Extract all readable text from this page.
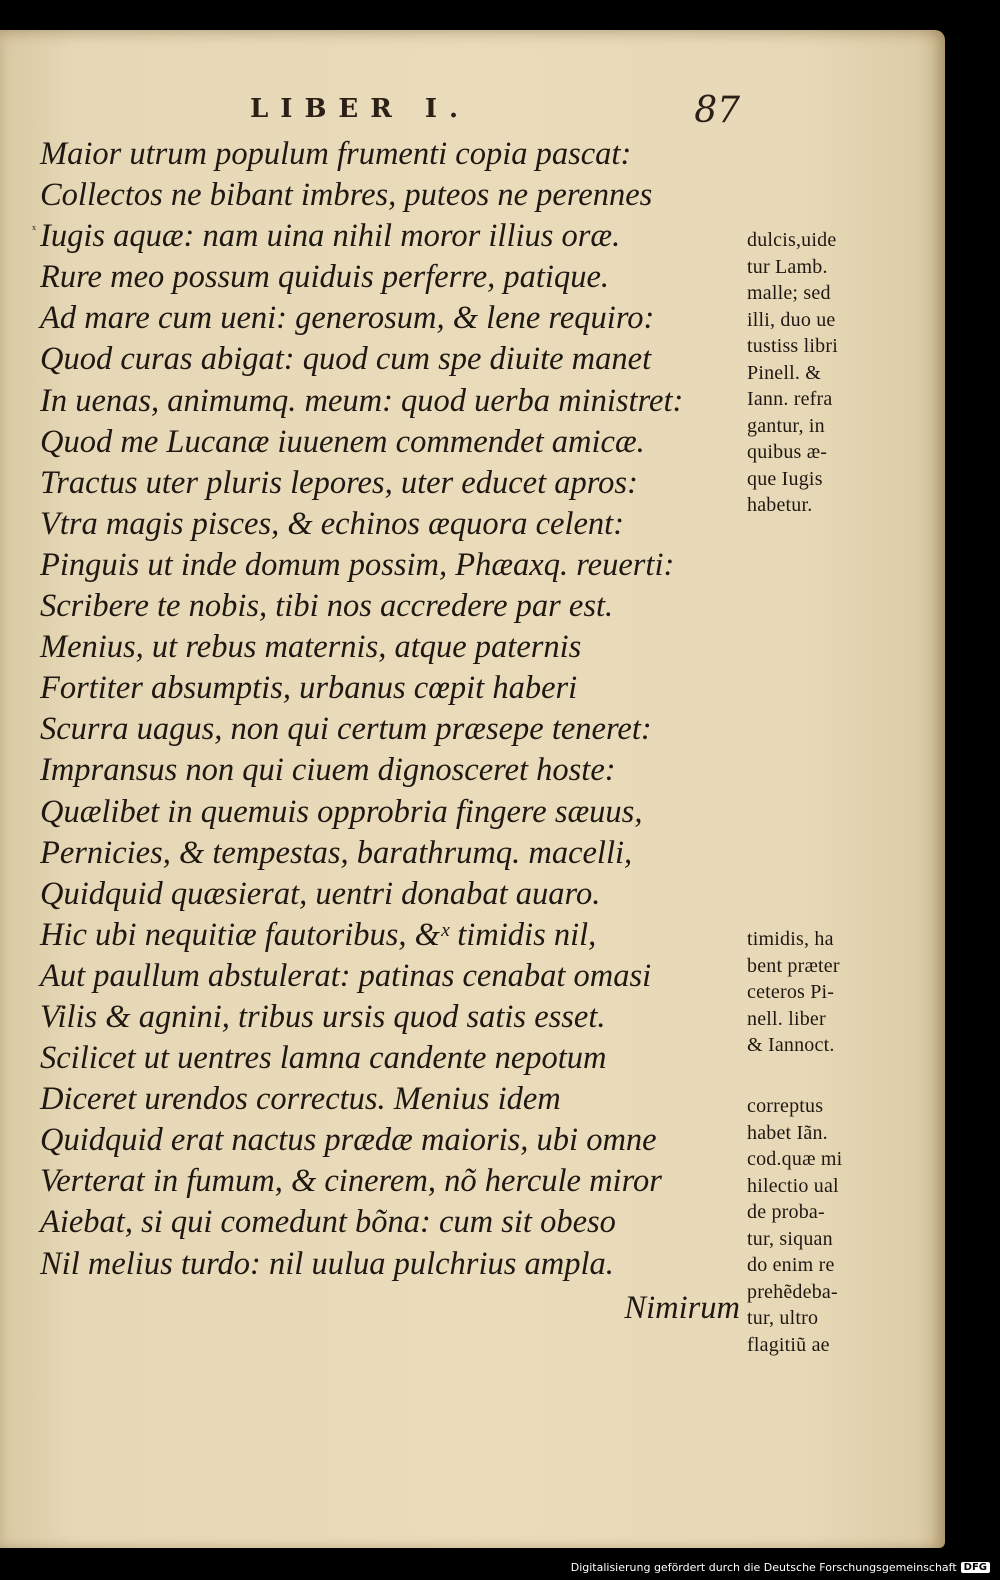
LIBER I.	87
Maior utrum populum frumenti copia pascat:
Collectos ne bibant imbres, puteos ne perennes
ˣ Iugis aquæ: nam uina nihil moror illius oræ.
Rure meo possum quiduis perferre, patique.
Ad mare cum ueni: generosum, & lene requiro:
Quod curas abigat: quod cum spe diuite manet
In uenas, animumq. meum: quod uerba ministret:
Quod me Lucanæ iuuenem commendet amicæ.
Tractus uter pluris lepores, uter educet apros:
Vtra magis pisces, & echinos æquora celent:
Pinguis ut inde domum possim, Phæaxq. reuerti:
Scribere te nobis, tibi nos accredere par est.
Menius, ut rebus maternis, atque paternis
Fortiter absumptis, urbanus cœpit haberi
Scurra uagus, non qui certum præsepe teneret:
Impransus non qui ciuem dignosceret hoste:
Quælibet in quemuis opprobria fingere sæuus,
Pernicies, & tempestas, barathrumq. macelli,
Quidquid quæsierat, uentri donabat auaro.
Hic ubi nequitiæ fautoribus, &ˣ timidis nil,
Aut paullum abstulerat: patinas cenabat omasi
Vilis & agnini, tribus ursis quod satis esset.
Scilicet ut uentres lamna candente nepotum
Diceret urendos correctus. Menius idem
Quidquid erat nactus prædæ maioris, ubi omne
Verterat in fumum, & cinerem, nõ hercule miror
Aiebat, si qui comedunt bõna: cum sit obeso
Nil melius turdo: nil uulua pulchrius ampla.
Nimirum
dulcis,uide
tur Lamb.
malle; sed
illi, duo ue
tustiss libri
Pinell. &
Iann. refra
gantur, in
quibus æ-
que Iugis
habetur.
timidis, ha
bent præter
ceteros Pi-
nell. liber
& Iannoct.
correptus
habet Iãn.
cod.quæ mi
hilectio ual
de proba-
tur, siquan
do enim re
prehẽdeba-
tur, ultro
flagitiũ ae
Digitalisierung gefördert durch die Deutsche Forschungsgemeinschaft DFG
